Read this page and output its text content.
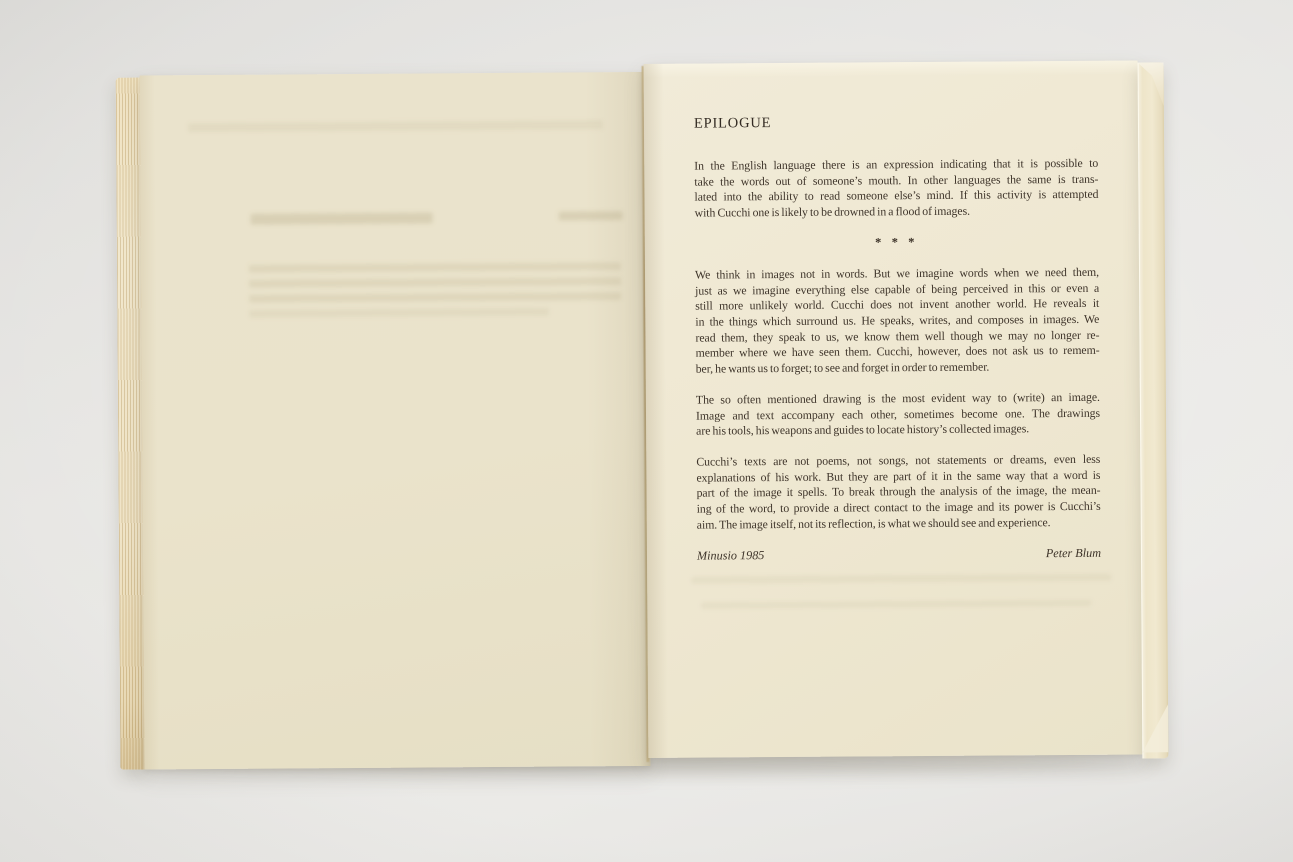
EPILOGUE
In the English language there is an expression indicating that it is possible to
take the words out of someone’s mouth. In other languages the same is trans-
lated into the ability to read someone else’s mind. If this activity is attempted
with Cucchi one is likely to be drowned in a flood of images.
* * *
We think in images not in words. But we imagine words when we need them,
just as we imagine everything else capable of being perceived in this or even a
still more unlikely world. Cucchi does not invent another world. He reveals it
in the things which surround us. He speaks, writes, and composes in images. We
read them, they speak to us, we know them well though we may no longer re-
member where we have seen them. Cucchi, however, does not ask us to remem-
ber, he wants us to forget; to see and forget in order to remember.
The so often mentioned drawing is the most evident way to (write) an image.
Image and text accompany each other, sometimes become one. The drawings
are his tools, his weapons and guides to locate history’s collected images.
Cucchi’s texts are not poems, not songs, not statements or dreams, even less
explanations of his work. But they are part of it in the same way that a word is
part of the image it spells. To break through the analysis of the image, the mean-
ing of the word, to provide a direct contact to the image and its power is Cucchi’s
aim. The image itself, not its reflection, is what we should see and experience.
Minusio 1985	Peter Blum
